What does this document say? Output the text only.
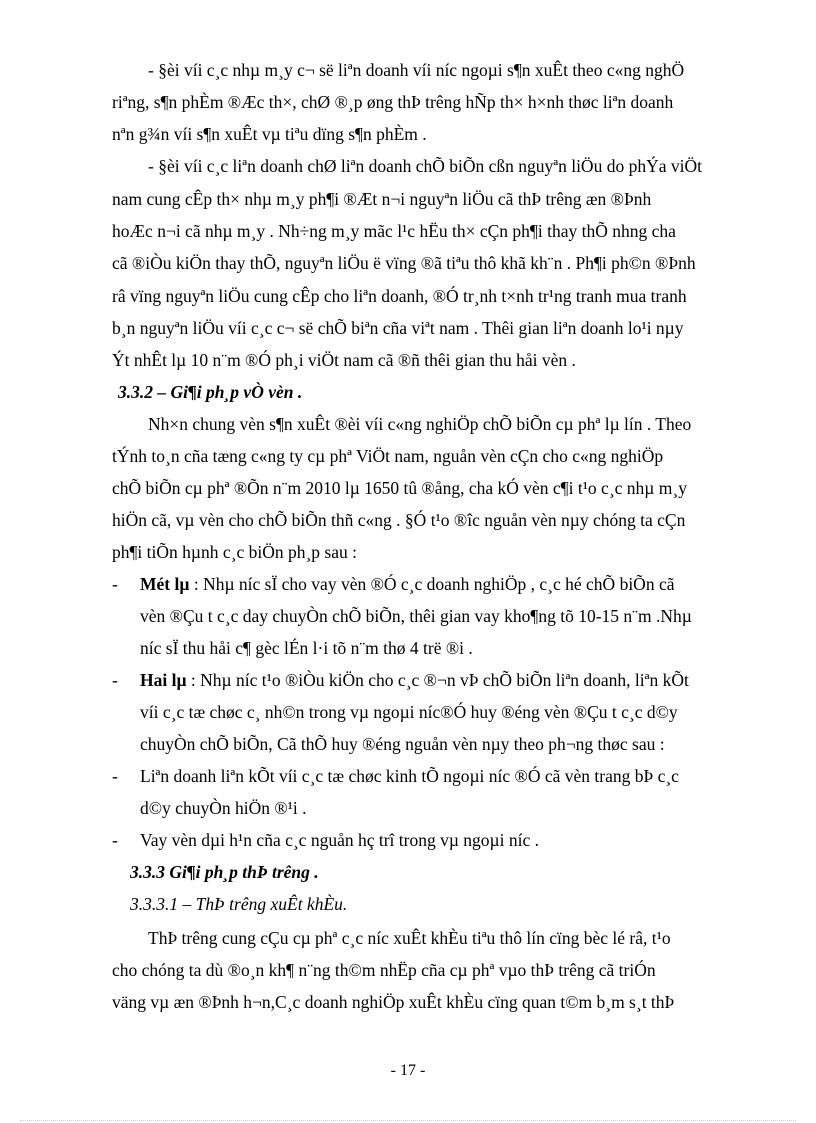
- §èi víi c¸c nhµ m¸y c¬ së liªn doanh víi níc ngoµi s¶n xuÊt theo c«ng nghÖ
riªng, s¶n phÈm ®Æc th×, chØ ®¸p øng thÞ trêng hÑp th× h×nh thøc liªn doanh
nªn g¾n víi s¶n xuÊt vµ tiªu dïng s¶n phÈm .
- §èi víi c¸c liªn doanh chØ liªn doanh chÕ biÕn cßn nguyªn liÖu do phÝa viÖt
nam cung cÊp th× nhµ m¸y ph¶i ®Æt n¬i nguyªn liÖu cã thÞ trêng æn ®Þnh
hoÆc n¬i cã nhµ m¸y . Nh÷ng m¸y mãc l¹c hËu th× cÇn ph¶i thay thÕ nhng cha
cã ®iÒu kiÖn thay thÕ, nguyªn liÖu ë vïng ®ã tiªu thô khã kh¨n . Ph¶i ph©n ®Þnh
râ vïng nguyªn liÖu cung cÊp cho liªn doanh, ®Ó tr¸nh t×nh tr¹ng tranh mua tranh
b¸n nguyªn liÖu víi c¸c c¬ së chÕ biªn cña viªt nam . Thêi gian liªn doanh lo¹i nµy
Ýt nhÊt lµ 10 n¨m ®Ó ph¸i viÖt nam cã ®ñ thêi gian thu håi vèn .
3.3.2 – Gi¶i ph¸p vÒ vèn .
Nh×n chung vèn s¶n xuÊt ®èi víi c«ng nghiÖp chÕ biÕn cµ phª lµ lín . Theo
tÝnh to¸n cña tæng c«ng ty cµ phª ViÖt nam, nguån vèn cÇn cho c«ng nghiÖp
chÕ biÕn cµ phª ®Õn n¨m 2010 lµ 1650 tû ®ång, cha kÓ vèn c¶i t¹o c¸c nhµ m¸y
hiÖn cã, vµ vèn cho chÕ biÕn thñ c«ng . §Ó t¹o ®îc nguån vèn nµy chóng ta cÇn
ph¶i tiÕn hµnh c¸c biÖn ph¸p sau :
- Mét lµ : Nhµ níc sÏ cho vay vèn ®Ó c¸c doanh nghiÖp , c¸c hé chÕ biÕn cã
vèn ®Çu t c¸c day chuyÒn chÕ biÕn, thêi gian vay kho¶ng tõ 10-15 n¨m .Nhµ
níc sÏ thu håi c¶ gèc lÉn l·i tõ n¨m thø 4 trë ®i .
- Hai lµ : Nhµ níc t¹o ®iÒu kiÖn cho c¸c ®¬n vÞ chÕ biÕn liªn doanh, liªn kÕt
víi c¸c tæ chøc c¸ nh©n trong vµ ngoµi níc®Ó huy ®éng vèn ®Çu t c¸c d©y
chuyÒn chÕ biÕn, Cã thÕ huy ®éng nguån vèn nµy theo ph¬ng thøc sau :
- Liªn doanh liªn kÕt víi c¸c tæ chøc kinh tÕ ngoµi níc ®Ó cã vèn trang bÞ c¸c
d©y chuyÒn hiÖn ®¹i .
- Vay vèn dµi h¹n cña c¸c nguån hç trî trong vµ ngoµi níc .
3.3.3 Gi¶i ph¸p thÞ trêng .
3.3.3.1 – ThÞ trêng xuÊt khÈu.
ThÞ trêng cung cÇu cµ phª c¸c níc xuÊt khÈu tiªu thô lín cïng bèc lé râ, t¹o
cho chóng ta dù ®o¸n kh¶ n¨ng th©m nhËp cña cµ phª vµo thÞ trêng cã triÓn
väng vµ æn ®Þnh h¬n,C¸c doanh nghiÖp xuÊt khÈu cïng quan t©m b¸m s¸t thÞ
- 17 -
